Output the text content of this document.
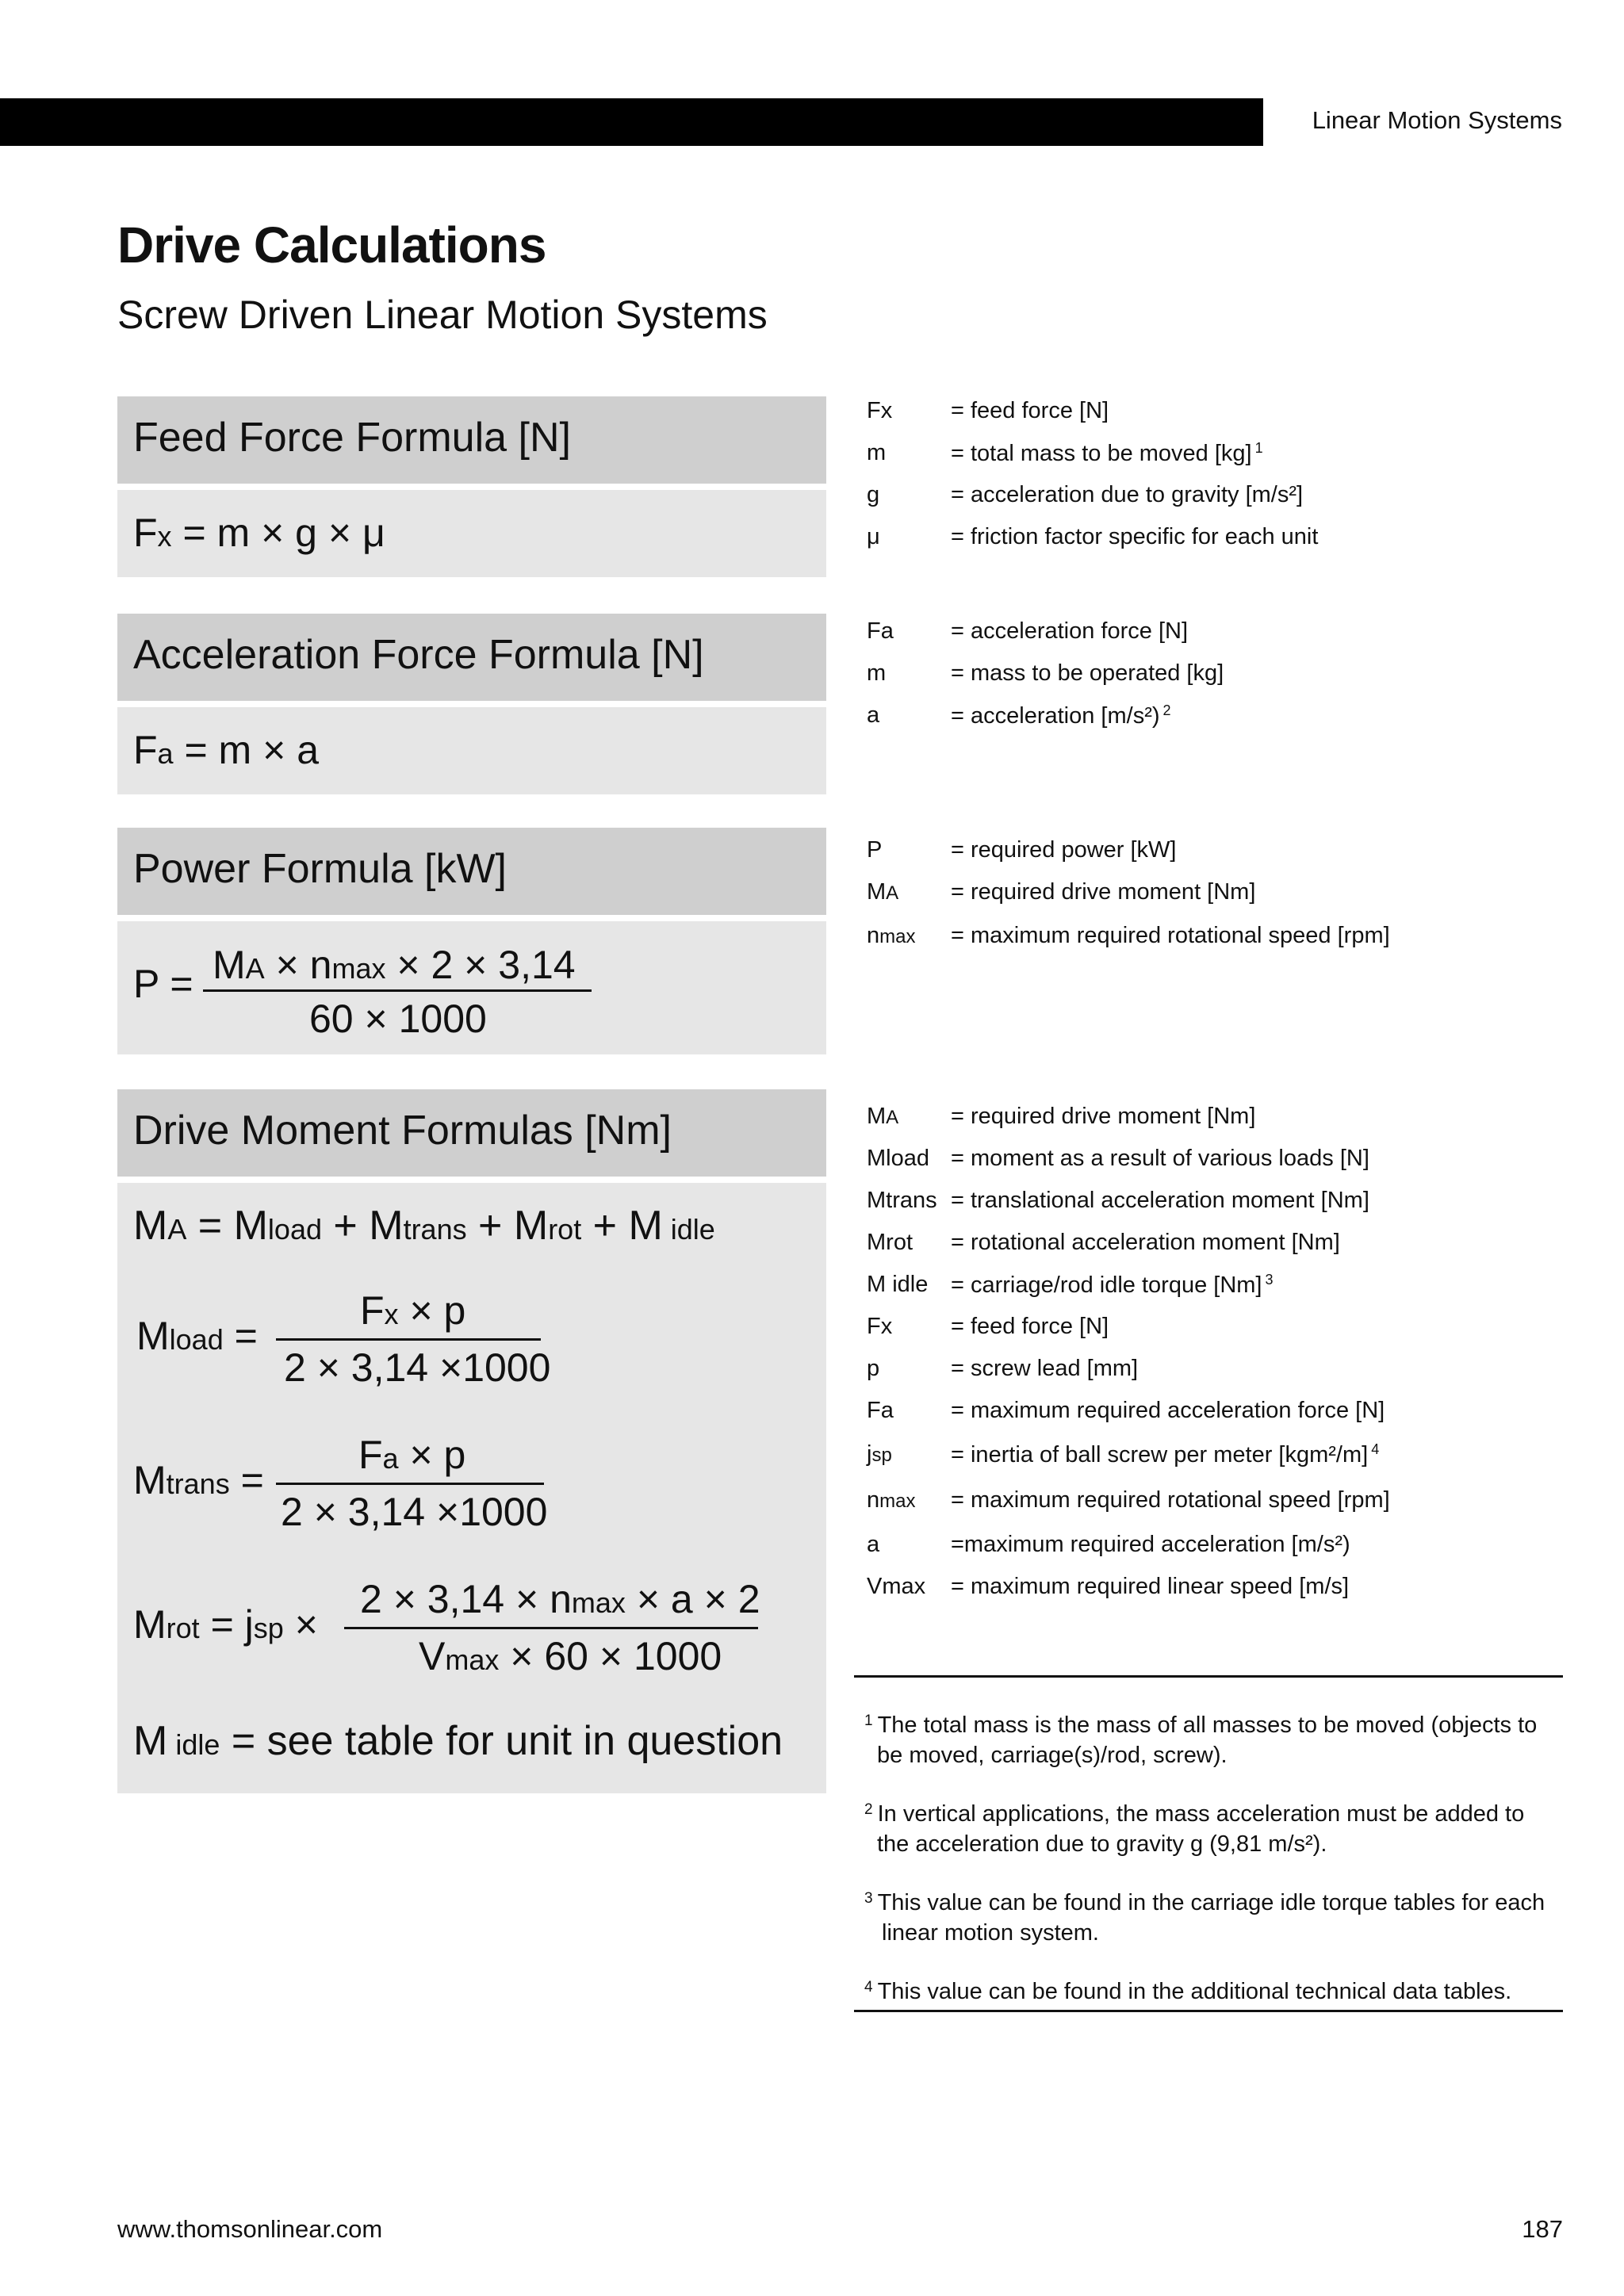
Linear Motion Systems
Drive Calculations
Screw Driven Linear Motion Systems
Feed Force Formula [N]
Fx = m × g × μ
Acceleration Force Formula [N]
Fa = m × a
Power Formula [kW]
P = MA × nmax × 2 × 3,14
60 × 1000
Drive Moment Formulas [Nm]
MA = Mload + Mtrans + Mrot + M idle
Mload =
Fx × p
2 × 3,14 ×1000
Mtrans =
Fa × p
2 × 3,14 ×1000
Mrot = jsp ×
2 × 3,14 × nmax × a × 2
Vmax × 60 × 1000
M idle = see table for unit in question
Fx	= feed force [N]
m	= total mass to be moved [kg] $^1$
g	= acceleration due to gravity [m/s²]
μ	= friction factor specific for each unit
Fa = acceleration force [N]
m	= mass to be operated [kg]
a	= acceleration [m/s²) $^2$
P	= required power [kW]
MA = required drive moment [Nm]
nmax = maximum required rotational speed [rpm]
MA = required drive moment [Nm]
Mload = moment as a result of various loads [N]
Mtrans = translational acceleration moment [Nm]
Mrot = rotational acceleration moment [Nm]
M idle = carriage/rod idle torque [Nm] $^3$
Fx	= feed force [N]
p	= screw lead [mm]
Fa = maximum required acceleration force [N]
jsp	= inertia of ball screw per meter [kgm²/m] $^4$
nmax = maximum required rotational speed [rpm]
a	=maximum required acceleration [m/s²)
Vmax = maximum required linear speed [m/s]
$^1$ The total mass is the mass of all masses to be moved (objects to
be moved, carriage(s)/rod, screw).
$^2$ In vertical applications, the mass acceleration must be added to
the acceleration due to gravity g (9,81 m/s²).
$^3$ This value can be found in the carriage idle torque tables for each
linear motion system.
$^4$ This value can be found in the additional technical data tables.
www.thomsonlinear.com	187
